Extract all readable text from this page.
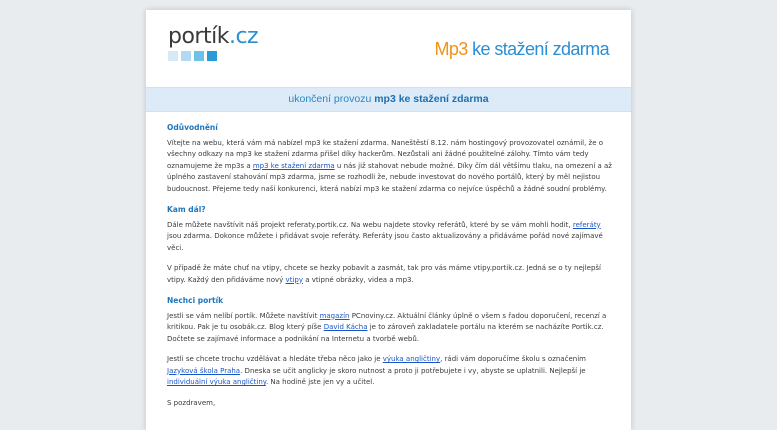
portík.cz	Mp3 ke stažení zdarma
ukončení provozu mp3 ke stažení zdarma
Odůvodnění

Vítejte na webu, která vám má nabízel mp3 ke stažení zdarma. Naneštěstí 8.12. nám hostingový provozovatel oznámil, že o všechny odkazy na mp3 ke stažení zdarma přišel díky hackerům. Nezůstali ani žádné použitelné zálohy. Tímto vám tedy oznamujeme že mp3s a mp3 ke stažení zdarma u nás již stahovat nebude možné. Díky čím dál většímu tlaku, na omezení a až úplného zastavení stahování mp3 zdarma, jsme se rozhodli že, nebude investovat do nového portálů, který by měl nejistou budoucnost. Přejeme tedy naší konkurenci, která nabízí mp3 ke stažení zdarma co nejvíce úspěchů a žádné soudní problémy.

Kam dál?

Dále můžete navštívit náš projekt referaty.portik.cz. Na webu najdete stovky referátů, které by se vám mohli hodit, referáty jsou zdarma. Dokonce můžete i přidávat svoje referáty. Referáty jsou často aktualizovány a přidáváme pořád nové zajímavé věci.

V případě že máte chuť na vtipy, chcete se hezky pobavit a zasmát, tak pro vás máme vtipy.portik.cz. Jedná se o ty nejlepší vtipy. Každý den přidáváme nový vtipy a vtipné obrázky, videa a mp3.

Nechci portík

Jestli se vám nelíbí portík. Můžete navštívit magazín PCnoviny.cz. Aktuální články úplně o všem s řadou doporučení, recenzí a kritikou. Pak je tu osobák.cz. Blog který píše David Kácha je to zároveň zakladatele portálu na kterém se nacházíte Portik.cz. Dočtete se zajímavé informace a podnikání na Internetu a tvorbě webů.

Jestli se chcete trochu vzdělávat a hledáte třeba něco jako je výuka angličtiny, rádi vám doporučíme školu s označením Jazyková škola Praha. Dneska se učit anglicky je skoro nutnost a proto ji potřebujete i vy, abyste se uplatnili. Nejlepší je individuální výuka angličtiny. Na hodině jste jen vy a učitel.

S pozdravem,
